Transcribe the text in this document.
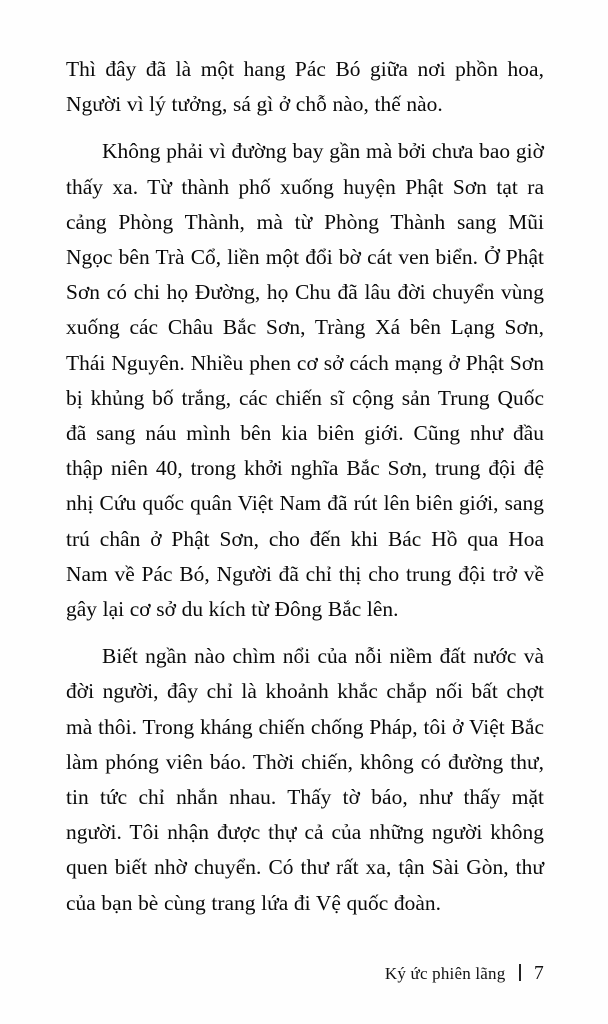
Thì đây đã là một hang Pác Bó giữa nơi phồn hoa, Người vì lý tưởng, sá gì ở chỗ nào, thế nào.

Không phải vì đường bay gần mà bởi chưa bao giờ thấy xa. Từ thành phố xuống huyện Phật Sơn tạt ra cảng Phòng Thành, mà từ Phòng Thành sang Mũi Ngọc bên Trà Cổ, liền một đổi bờ cát ven biển. Ở Phật Sơn có chi họ Đường, họ Chu đã lâu đời chuyển vùng xuống các Châu Bắc Sơn, Tràng Xá bên Lạng Sơn, Thái Nguyên. Nhiều phen cơ sở cách mạng ở Phật Sơn bị khủng bố trắng, các chiến sĩ cộng sản Trung Quốc đã sang náu mình bên kia biên giới. Cũng như đầu thập niên 40, trong khởi nghĩa Bắc Sơn, trung đội đệ nhị Cứu quốc quân Việt Nam đã rút lên biên giới, sang trú chân ở Phật Sơn, cho đến khi Bác Hồ qua Hoa Nam về Pác Bó, Người đã chỉ thị cho trung đội trở về gây lại cơ sở du kích từ Đông Bắc lên.

Biết ngần nào chìm nổi của nỗi niềm đất nước và đời người, đây chỉ là khoảnh khắc chắp nối bất chợt mà thôi. Trong kháng chiến chống Pháp, tôi ở Việt Bắc làm phóng viên báo. Thời chiến, không có đường thư, tin tức chỉ nhắn nhau. Thấy tờ báo, như thấy mặt người. Tôi nhận được thự cả của những người không quen biết nhờ chuyển. Có thư rất xa, tận Sài Gòn, thư của bạn bè cùng trang lứa đi Vệ quốc đoàn.

Ký ức phiên lãng 7
